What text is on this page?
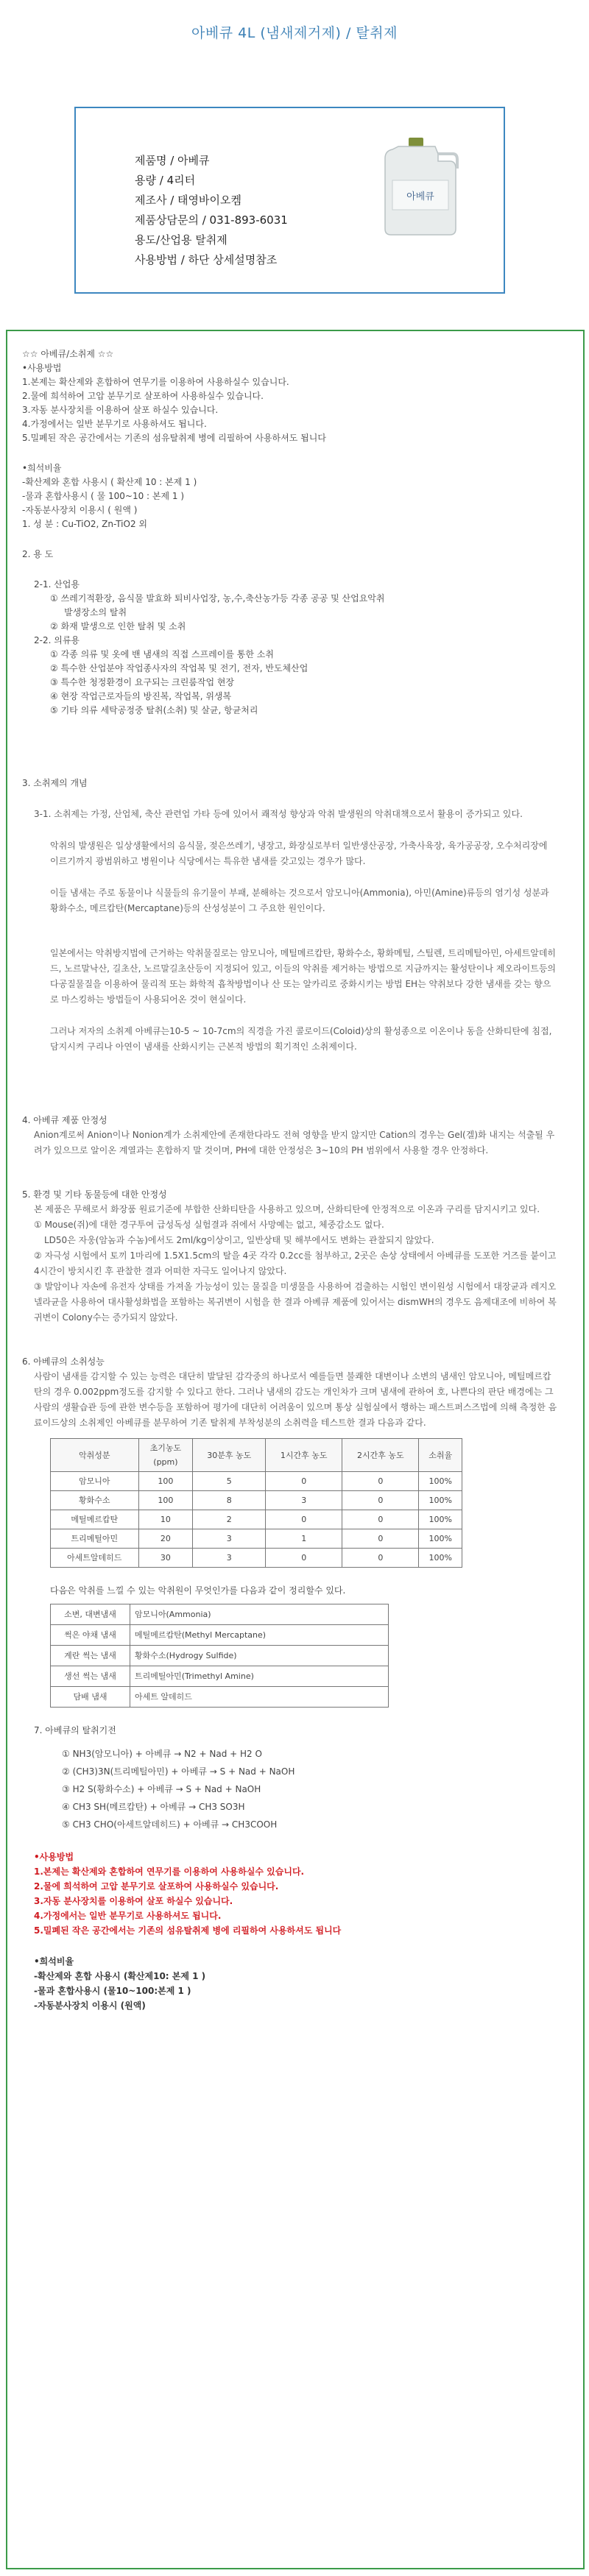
아베큐 4L (냄새제거제) / 탈취제
제품명 / 아베큐
용량 / 4리터
제조사 / 태영바이오켐
제품상담문의 / 031-893-6031
용도/산업용 탈취제
사용방법 / 하단 상세설명참조
아베큐

☆☆ 아베큐/소취제 ☆☆

•사용방법

1.본제는 확산제와 혼합하여 연무기를 이용하여 사용하실수 있습니다.

2.물에 희석하여 고압 분무기로 살포하여 사용하실수 있습니다.

3.자동 분사장치를 이용하여 살포 하실수 있습니다.

4.가정에서는 일반 분무기로 사용하셔도 됩니다.

5.밀폐된 작은 공간에서는 기존의 섬유탈취제 병에 리필하여 사용하셔도 됩니다

•희석비율

-확산제와 혼합 사용시 ( 확산제 10 : 본제 1 )

-물과 혼합사용시 ( 물 100~10 : 본제 1 )

-자동분사장치 이용시 ( 원액 )

1. 성 분 : Cu-TiO2, Zn-TiO2 외

2. 용 도

2-1. 산업용

① 쓰레기적환장, 음식물 발효화 퇴비사업장, 농,수,축산농가등 각종 공공 및 산업요악취

발생장소의 탈취

② 화재 발생으로 인한 탈취 및 소취

2-2. 의류용

① 각종 의류 및 옷에 밴 냄새의 직접 스프레이를 통한 소취

② 특수한 산업분야 작업종사자의 작업복 및 전기, 전자, 반도체산업

③ 특수한 청정환경이 요구되는 크린룸작업 현장

④ 현장 작업근로자들의 방진복, 작업복, 위생복

⑤ 기타 의류 세탁공정중 탈취(소취) 및 살균, 항균처리

3. 소취제의 개념

3-1. 소취제는 가정, 산업체, 축산 관련업 가타 등에 있어서 쾌적성 향상과 악취 발생원의 악취대책으로서 활용이 증가되고 있다.

악취의 발생원은 일상생활에서의 음식물, 젖은쓰레기, 냉장고, 화장실로부터 일반생산공장, 가축사육장, 육가공공장, 오수처리장에 이르기까지 광범위하고 병원이나 식당에서는 특유한 냄새를 갖고있는 경우가 많다.

이들 냄새는 주로 동물이나 식물들의 유기물이 부패, 분해하는 것으로서 암모니아(Ammonia), 아민(Amine)류등의 염기성 성분과 황화수소, 메르캅탄(Mercaptane)등의 산성성분이 그 주요한 원인이다.

일본에서는 악취방지법에 근거하는 악취물질로는 암모니아, 메틸메르캅탄, 황화수소, 황화메틸, 스틸렌, 트리메틸아민, 아세트알데히드, 노르말낙산, 길초산, 노르말길초산등이 지정되어 있고, 이들의 악취를 제거하는 방법으로 지금까지는 활성탄이나 제오라이트등의 다공질물질을 이용하여 물리적 또는 화학적 흡착방법이나 산 또는 알카리로 중화시키는 방법 EH는 약취보다 강한 냄새를 갖는 향으로 마스킹하는 방법들이 사용되어온 것이 현실이다.

그러나 저자의 소취제 아베큐는10-5 ~ 10-7cm의 직경을 가진 콜로이드(Coloid)상의 활성종으로 이온이나 동을 산화티탄에 침접, 담지시켜 구리나 아연이 냄새를 산화시키는 근본적 방법의 획기적인 소취제이다.

4. 아베큐 제품 안정성

Anion계로써 Anion이나 Nonion계가 소취제안에 존재한다라도 전혀 영향을 받지 않지만 Cation의 경우는 Gel(겔)화 내지는 석출될 우려가 있으므로 알이온 계열과는 혼합하지 말 것이며, PH에 대한 안정성은 3~10의 PH 범위에서 사용할 경우 안정하다.

5. 환경 및 기타 동물등에 대한 안정성

본 제품은 무해로서 화장품 원료기준에 부합한 산화티탄을 사용하고 있으며, 산화티탄에 안정적으로 이온과 구리를 담지시키고 있다.

① Mouse(쥐)에 대한 경구투여 급성독성 실험결과 쥐에서 사망예는 없고, 체중감소도 없다.

LD50은 자웅(암놈과 수놈)에서도 2ml/kg이상이고, 일반상태 및 해부에서도 변화는 관찰되지 않았다.

② 자극성 시험에서 토끼 1마리에 1.5X1.5cm의 탈을 4곳 각각 0.2cc를 첨부하고, 2곳은 손상 상태에서 아베큐를 도포한 거즈를 붙이고 4시간이 방치시킨 후 관찰한 결과 어떠한 자극도 일어나지 않았다.

③ 발암이나 자손에 유전자 상태를 가져올 가능성이 있는 물질을 미생물을 사용하여 검출하는 시험인 변이원성 시험에서 대장균과 레지오넬라균을 사용하여 대사활성화법을 포함하는 복귀변이 시험을 한 결과 아베큐 제품에 있어서는 dismWH의 경우도 음제대조에 비하여 복귀변이 Colony수는 증가되지 않았다.

6. 아베큐의 소취성능

사람이 냄새를 감지할 수 있는 능력은 대단히 발달된 감각중의 하나로서 예를들면 불쾌한 대변이나 소변의 냄새인 암모니아, 메틸메르캅탄의 경우 0.002ppm정도를 감지할 수 있다고 한다. 그러나 냄새의 감도는 개인차가 크며 냄새에 관하여 호, 나쁜다의 판단 배경에는 그 사람의 생활습관 등에 관한 변수등을 포함하여 평가에 대단히 어려움이 있으며 통상 실험실에서 행하는 패스트퍼스즈법에 의해 측정한 음료이드상의 소취제인 아베큐를 분무하여 기존 탈취제 부착성분의 소취력을 테스트한 결과 다음과 같다.

악취성분	초기농도
(ppm)	30분후 농도	1시간후 농도	2시간후 농도	소취율
암모니아	100	5	0	0	100%
황화수소	100	8	3	0	100%
메틸메르캅탄	10	2	0	0	100%
트리메틸아민	20	3	1	0	100%
아세트알데히드	30	3	0	0	100%

다음은 악취를 느낄 수 있는 악취원이 무엇인가를 다음과 같이 정리할수 있다.

소변, 대변냄새	암모니아(Ammonia)
썩은 야채 냄새	메틸메르캅탄(Methyl Mercaptane)
계란 썩는 냄새	황화수소(Hydrogy Sulfide)
생선 썩는 냄새	트리메틸아민(Trimethyl Amine)
담배 냄새	아세트 알데히드

7. 아베큐의 탈취기전

① NH3(암모니아) + 아베큐 → N2 + Nad + H2 O

② (CH3)3N(트리메틸아민) + 아베큐 → S + Nad + NaOH

③ H2 S(황화수소) + 아베큐 → S + Nad + NaOH

④ CH3 SH(메르캅탄) + 아베큐 → CH3 SO3H

⑤ CH3 CHO(아세트알데히드) + 아베큐 → CH3COOH

•사용방법

1.본제는 확산제와 혼합하여 연무기를 이용하여 사용하실수 있습니다.

2.물에 희석하여 고압 분무기로 살포하여 사용하실수 있습니다.

3.자동 분사장치를 이용하여 살포 하실수 있습니다.

4.가정에서는 일반 분무기로 사용하셔도 됩니다.

5.밀폐된 작은 공간에서는 기존의 섬유탈취제 병에 리필하여 사용하셔도 됩니다

•희석비율

-확산제와 혼합 사용시 (확산제10: 본제 1 )

-물과 혼합사용시 (물10~100:본제 1 )

-자동분사장치 이용시 (원액)
